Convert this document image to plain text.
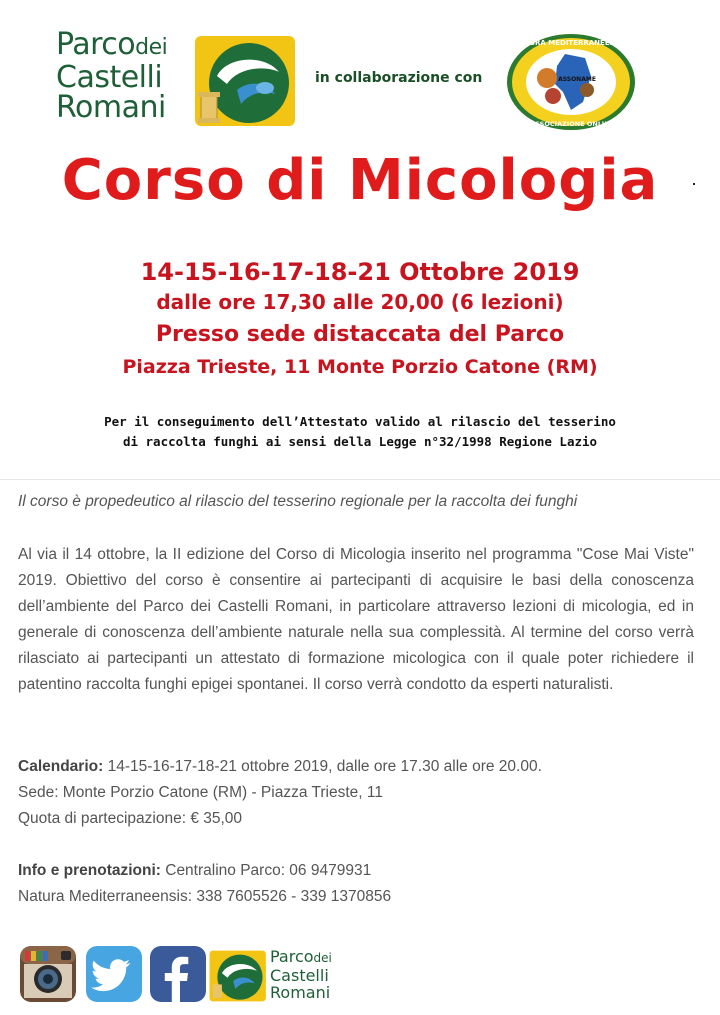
Parcodei
Castelli
Romani
in collaborazione con
NATURA MEDITERRANEENSIS
ASSONAME
ASSOCIAZIONE ONLUS
Corso di Micologia
14-15-16-17-18-21 Ottobre 2019
dalle ore 17,30 alle 20,00 (6 lezioni)
Presso sede distaccata del Parco
Piazza Trieste, 11 Monte Porzio Catone (RM)
Per il conseguimento dell’Attestato valido al rilascio del tesserino
di raccolta funghi ai sensi della Legge n°32/1998 Regione Lazio
Il corso è propedeutico al rilascio del tesserino regionale per la raccolta dei funghi
Al via il 14 ottobre, la II edizione del Corso di Micologia inserito nel programma "Cose Mai Viste" 2019. Obiettivo del corso è consentire ai partecipanti di acquisire le basi della conoscenza dell’ambiente del Parco dei Castelli Romani, in particolare attraverso lezioni di micologia, ed in generale di conoscenza dell’ambiente naturale nella sua complessità. Al termine del corso verrà rilasciato ai partecipanti un attestato di formazione micologica con il quale poter richiedere il patentino raccolta funghi epigei spontanei. Il corso verrà condotto da esperti naturalisti.
Calendario: 14-15-16-17-18-21 ottobre 2019, dalle ore 17.30 alle ore 20.00.
Sede: Monte Porzio Catone (RM) - Piazza Trieste, 11
Quota di partecipazione: € 35,00
Info e prenotazioni: Centralino Parco: 06 9479931
Natura Mediterraneensis: 338 7605526 - 339 1370856
Parcodei
Castelli
Romani
